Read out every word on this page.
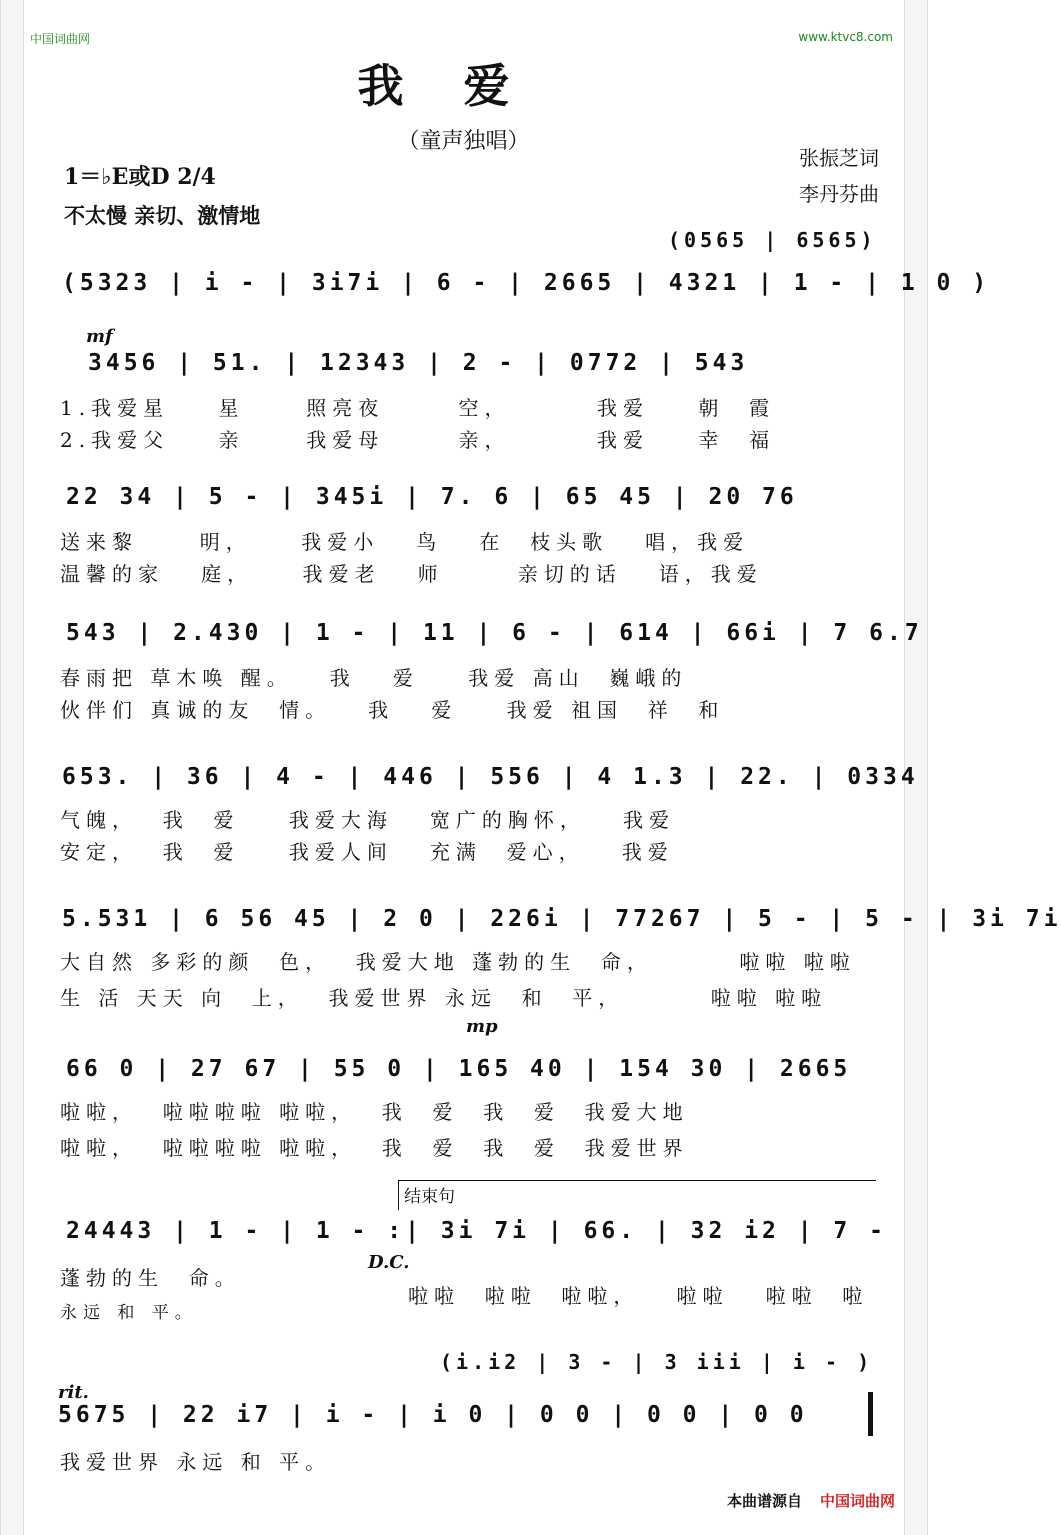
中国词曲网	www.ktvc8.com
我爱
（童声独唱）
张振芝词
李丹芬曲
1＝♭E或D 2/4
不太慢 亲切、激情地
(0565 | 6565)
(5323 | i - | 3i7i | 6 - | 2665 | 4321 | 1 - | 1 0 )
mf
3456 | 51. | 12343 | 2 - | 0772 | 543
1.我爱星    星     照亮夜      空，       我爱    朝  霞
2.我爱父    亲     我爱母      亲，       我爱    幸  福
22 34 | 5 - | 345i | 7. 6 | 65 45 | 20 76
送来黎     明，    我爱小   鸟   在  枝头歌   唱，我爱
温馨的家   庭，    我爱老   师      亲切的话   语，我爱
543 | 2.430 | 1 - | 11 | 6 - | 614 | 66i | 7 6.7
春雨把 草木唤 醒。   我   爱    我爱 高山  巍峨的
伙伴们 真诚的友  情。   我   爱    我爱 祖国  祥  和
653. | 36 | 4 - | 446 | 556 | 4 1.3 | 22. | 0334
气魄，  我  爱    我爱大海   宽广的胸怀，   我爱
安定，  我  爱    我爱人间   充满  爱心，   我爱
5.531 | 6 56 45 | 2 0 | 226i | 77267 | 5 - | 5 - | 3i 7i
大自然 多彩的颜  色，  我爱大地 蓬勃的生  命，       啦啦 啦啦
生 活 天天 向  上，  我爱世界 永远  和  平，       啦啦 啦啦
mp
66 0 | 27 67 | 55 0 | 165 40 | 154 30 | 2665
啦啦，  啦啦啦啦 啦啦，  我  爱  我  爱  我爱大地
啦啦，  啦啦啦啦 啦啦，  我  爱  我  爱  我爱世界
结束句
24443 | 1 - | 1 - :| 3i 7i | 66. | 32 i2 | 7 -
D.C.
蓬勃的生  命。
永远 和 平。
啦啦  啦啦  啦啦，   啦啦   啦啦  啦
(i.i2 | 3 - | 3 iii | i - )
rit.
5675 | 22 i7 | i - | i 0 | 0 0 | 0 0 | 0 0
我爱世界 永远 和 平。
本曲谱源自 中国词曲网
